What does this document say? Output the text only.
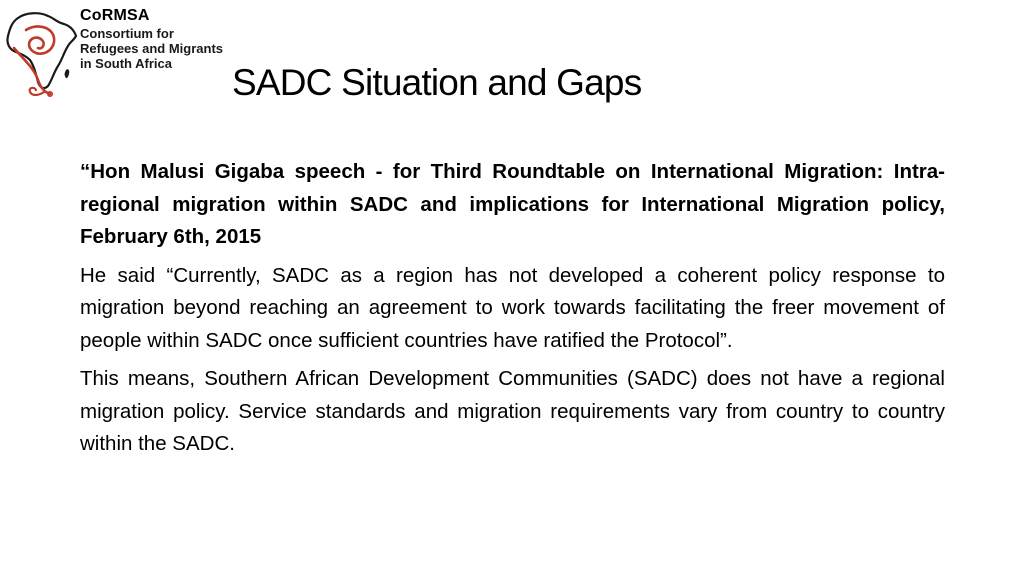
CoRMSA
Consortium for
Refugees and Migrants
in South Africa	SADC Situation and Gaps

“Hon Malusi Gigaba speech - for Third Roundtable on International Migration: Intra-regional migration within SADC and implications for International Migration policy, February 6th, 2015

He said “Currently, SADC as a region has not developed a coherent policy response to migration beyond reaching an agreement to work towards facilitating the freer movement of people within SADC once sufficient countries have ratified the Protocol”.

This means, Southern African Development Communities (SADC) does not have a regional migration policy. Service standards and migration requirements vary from country to country within the SADC.
